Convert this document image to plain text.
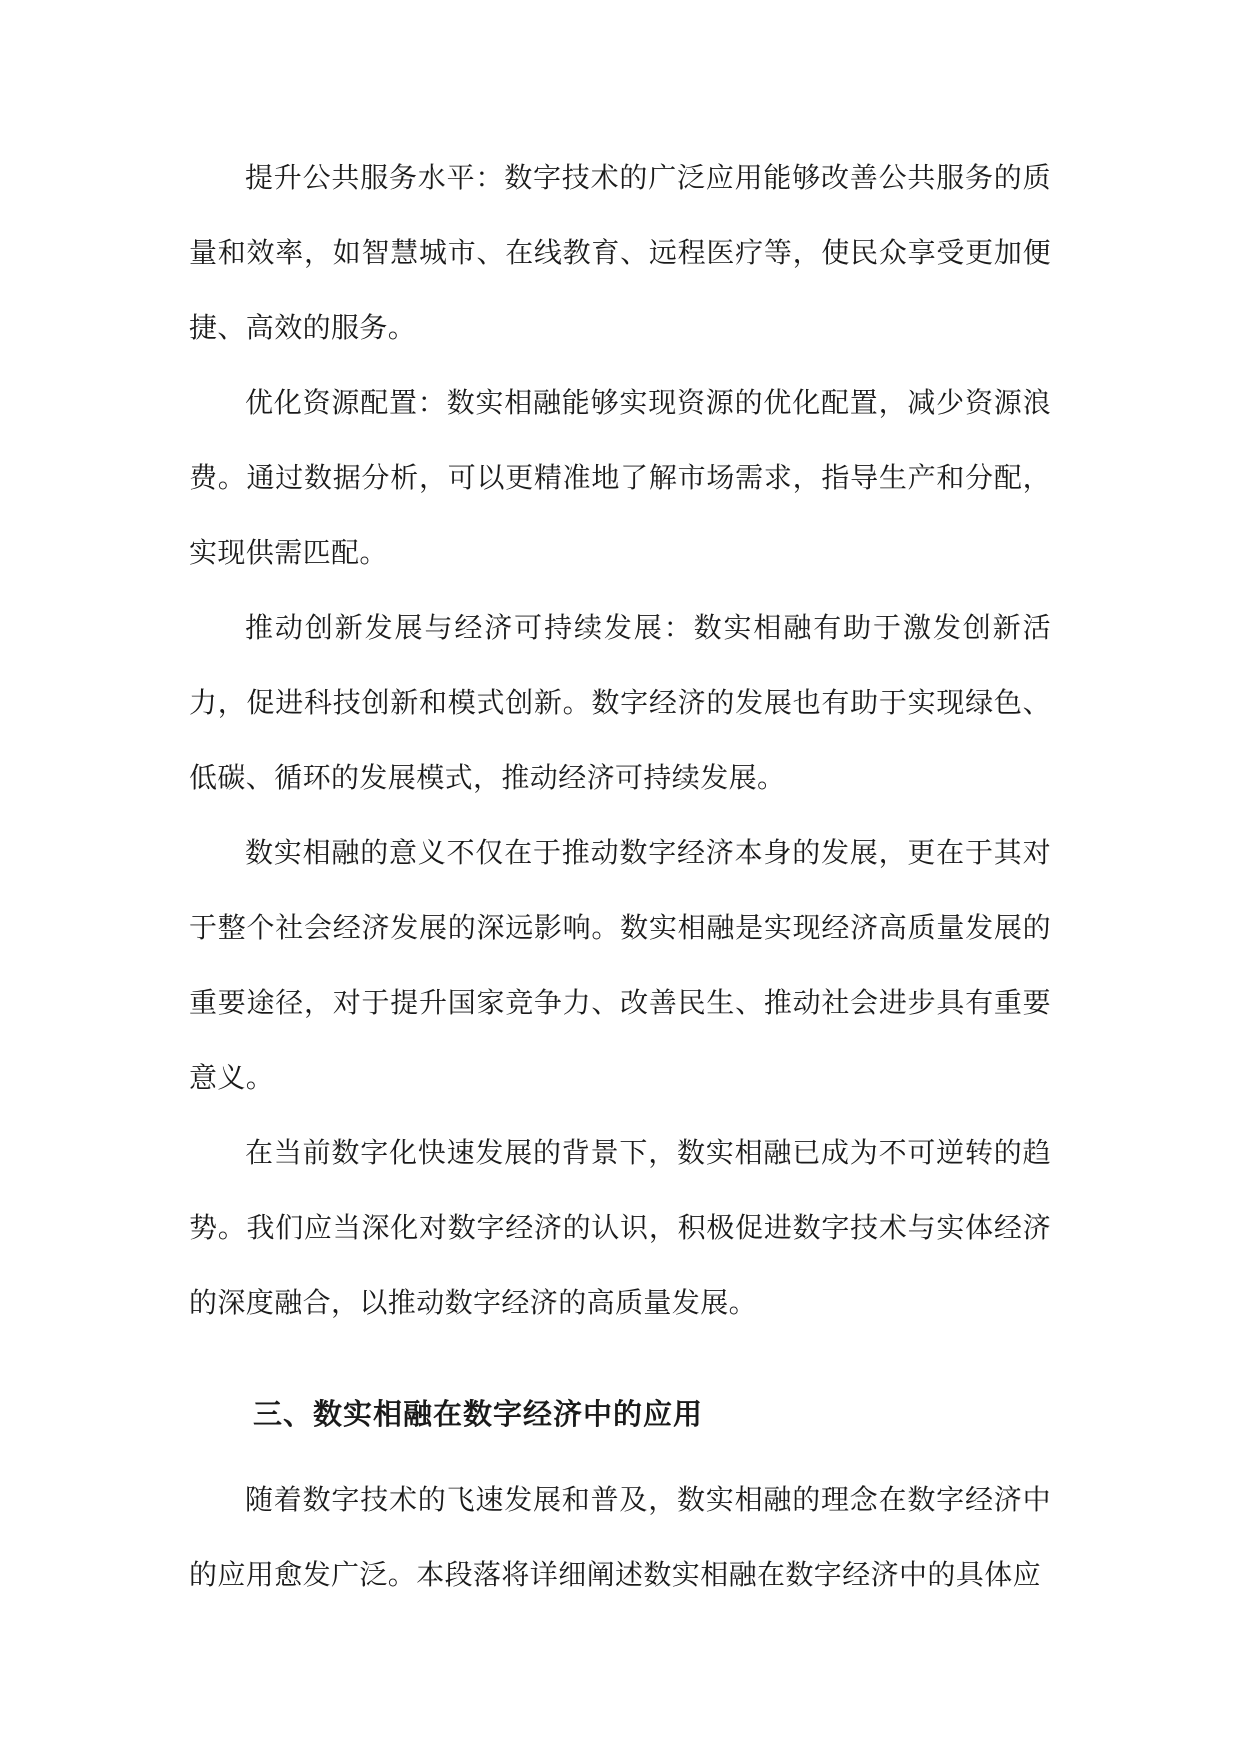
提升公共服务水平：数字技术的广泛应用能够改善公共服务的质量和效率，如智慧城市、在线教育、远程医疗等，使民众享受更加便捷、高效的服务。

优化资源配置：数实相融能够实现资源的优化配置，减少资源浪费。通过数据分析，可以更精准地了解市场需求，指导生产和分配，实现供需匹配。

推动创新发展与经济可持续发展：数实相融有助于激发创新活力，促进科技创新和模式创新。数字经济的发展也有助于实现绿色、低碳、循环的发展模式，推动经济可持续发展。

数实相融的意义不仅在于推动数字经济本身的发展，更在于其对于整个社会经济发展的深远影响。数实相融是实现经济高质量发展的重要途径，对于提升国家竞争力、改善民生、推动社会进步具有重要意义。

在当前数字化快速发展的背景下，数实相融已成为不可逆转的趋势。我们应当深化对数字经济的认识，积极促进数字技术与实体经济的深度融合，以推动数字经济的高质量发展。

三、数实相融在数字经济中的应用

随着数字技术的飞速发展和普及，数实相融的理念在数字经济中的应用愈发广泛。本段落将详细阐述数实相融在数字经济中的具体应
